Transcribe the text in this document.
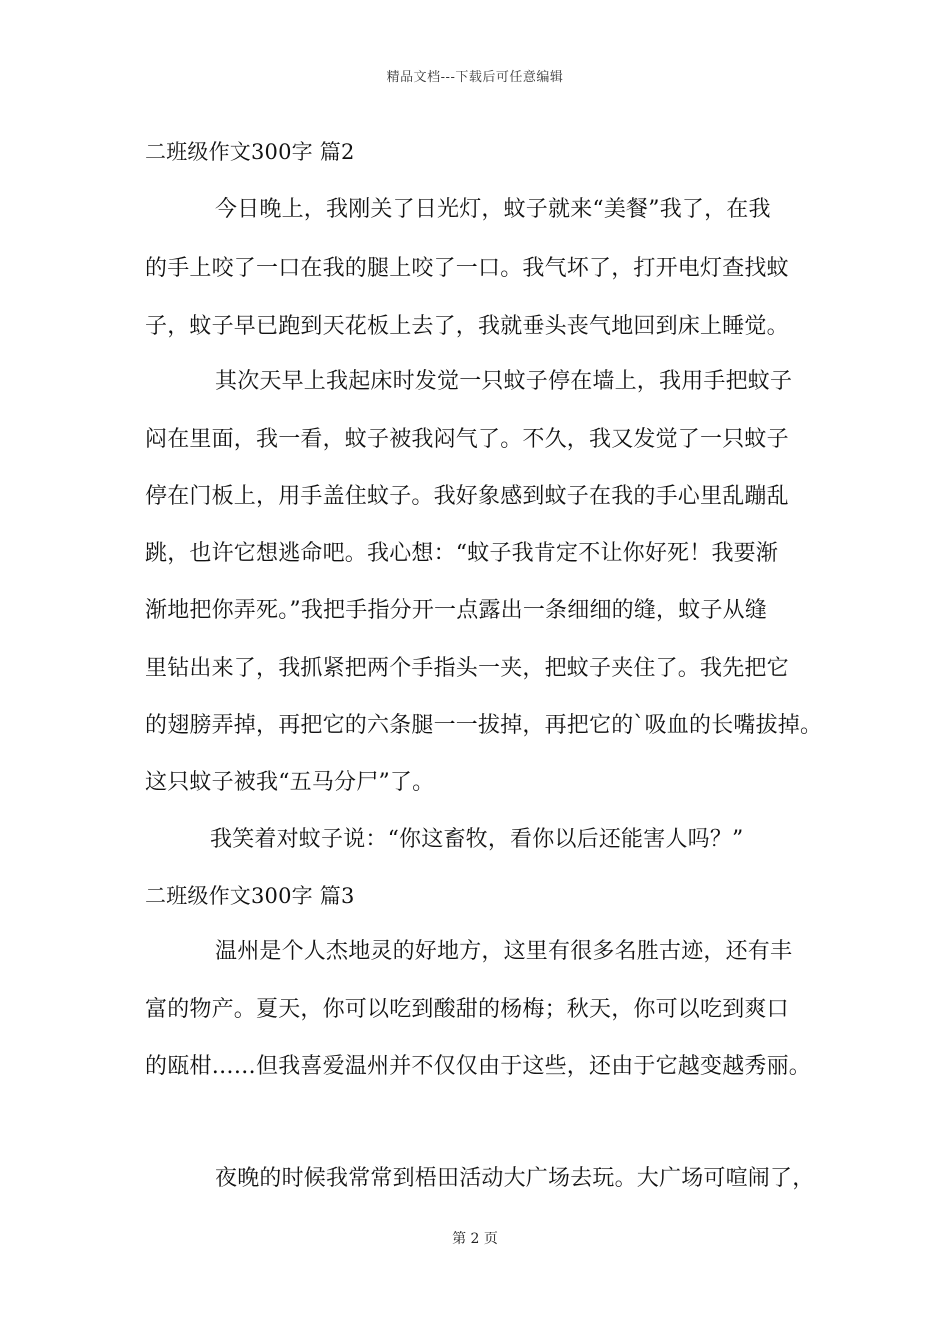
精品文档---下载后可任意编辑
二班级作文300字 篇2
今日晚上，我刚关了日光灯，蚊子就来“美餐”我了，在我
的手上咬了一口在我的腿上咬了一口。我气坏了，打开电灯查找蚊
子，蚊子早已跑到天花板上去了，我就垂头丧气地回到床上睡觉。
其次天早上我起床时发觉一只蚊子停在墙上，我用手把蚊子
闷在里面，我一看，蚊子被我闷气了。不久，我又发觉了一只蚊子
停在门板上，用手盖住蚊子。我好象感到蚊子在我的手心里乱蹦乱
跳，也许它想逃命吧。我心想：“蚊子我肯定不让你好死！我要渐
渐地把你弄死。”我把手指分开一点露出一条细细的缝，蚊子从缝
里钻出来了，我抓紧把两个手指头一夹，把蚊子夹住了。我先把它
的翅膀弄掉，再把它的六条腿一一拔掉，再把它的`吸血的长嘴拔掉。
这只蚊子被我“五马分尸”了。
我笑着对蚊子说：“你这畜牧，看你以后还能害人吗？”
二班级作文300字 篇3
温州是个人杰地灵的好地方，这里有很多名胜古迹，还有丰
富的物产。夏天，你可以吃到酸甜的杨梅；秋天，你可以吃到爽口
的瓯柑……但我喜爱温州并不仅仅由于这些，还由于它越变越秀丽。
夜晚的时候我常常到梧田活动大广场去玩。大广场可喧闹了，
第 2 页
